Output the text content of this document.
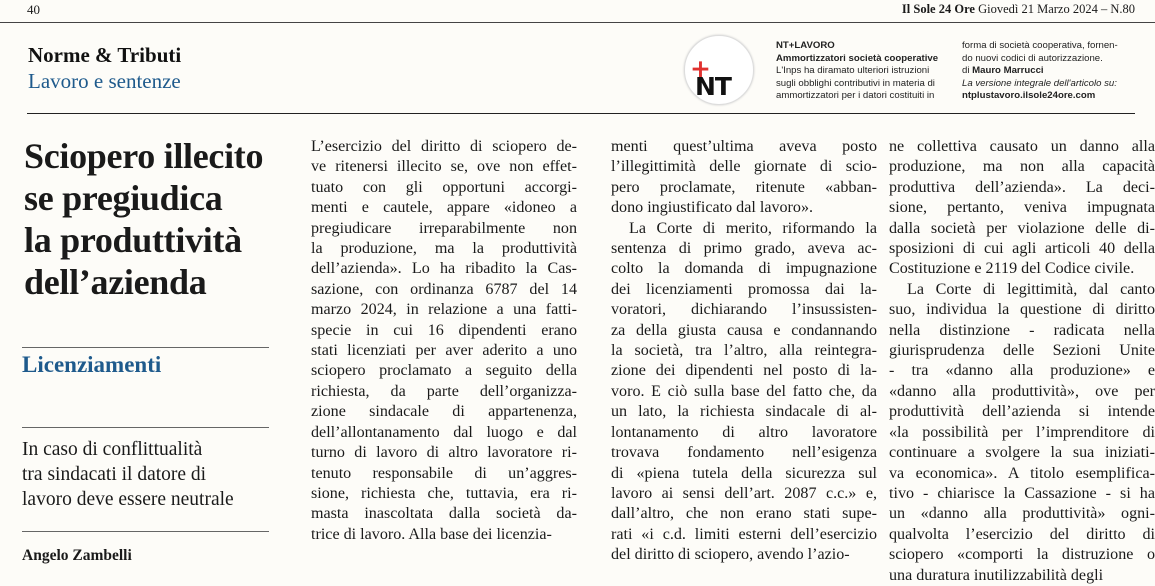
40	Il Sole 24 Ore Giovedì 21 Marzo 2024 – N.80
Norme & Tributi
Lavoro e sentenze	NT
+
NT+LAVORO
Ammortizzatori società cooperative
L'Inps ha diramato ulteriori istruzioni
sugli obblighi contributivi in materia di
ammortizzatori per i datori costituiti in
forma di società cooperativa, fornen-
do nuovi codici di autorizzazione.
di Mauro Marrucci
La versione integrale dell'articolo su:
ntplustavoro.ilsole24ore.com
Sciopero illecito
se pregiudica
la produttività
dell’azienda
Licenziamenti
In caso di conflittualità
tra sindacati il datore di
lavoro deve essere neutrale
Angelo Zambelli
L’esercizio del diritto di sciopero de-
ve ritenersi illecito se, ove non effet-
tuato con gli opportuni accorgi-
menti e cautele, appare «idoneo a
pregiudicare irreparabilmente non
la produzione, ma la produttività
dell’azienda». Lo ha ribadito la Cas-
sazione, con ordinanza 6787 del 14
marzo 2024, in relazione a una fatti-
specie in cui 16 dipendenti erano
stati licenziati per aver aderito a uno
sciopero proclamato a seguito della
richiesta, da parte dell’organizza-
zione sindacale di appartenenza,
dell’allontanamento dal luogo e dal
turno di lavoro di altro lavoratore ri-
tenuto responsabile di un’aggres-
sione, richiesta che, tuttavia, era ri-
masta inascoltata dalla società da-
trice di lavoro. Alla base dei licenzia-
menti quest’ultima aveva posto
l’illegittimità delle giornate di scio-
pero proclamate, ritenute «abban-
dono ingiustificato dal lavoro».
La Corte di merito, riformando la
sentenza di primo grado, aveva ac-
colto la domanda di impugnazione
dei licenziamenti promossa dai la-
voratori, dichiarando l’insussisten-
za della giusta causa e condannando
la società, tra l’altro, alla reintegra-
zione dei dipendenti nel posto di la-
voro. E ciò sulla base del fatto che, da
un lato, la richiesta sindacale di al-
lontanamento di altro lavoratore
trovava fondamento nell’esigenza
di «piena tutela della sicurezza sul
lavoro ai sensi dell’art. 2087 c.c.» e,
dall’altro, che non erano stati supe-
rati «i c.d. limiti esterni dell’esercizio
del diritto di sciopero, avendo l’azio-
ne collettiva causato un danno alla
produzione, ma non alla capacità
produttiva dell’azienda». La deci-
sione, pertanto, veniva impugnata
dalla società per violazione delle di-
sposizioni di cui agli articoli 40 della
Costituzione e 2119 del Codice civile.
La Corte di legittimità, dal canto
suo, individua la questione di diritto
nella distinzione - radicata nella
giurisprudenza delle Sezioni Unite
- tra «danno alla produzione» e
«danno alla produttività», ove per
produttività dell’azienda si intende
«la possibilità per l’imprenditore di
continuare a svolgere la sua iniziati-
va economica». A titolo esemplifica-
tivo - chiarisce la Cassazione - si ha
un «danno alla produttività» ogni-
qualvolta l’esercizio del diritto di
sciopero «comporti la distruzione o
una duratura inutilizzabilità degli
